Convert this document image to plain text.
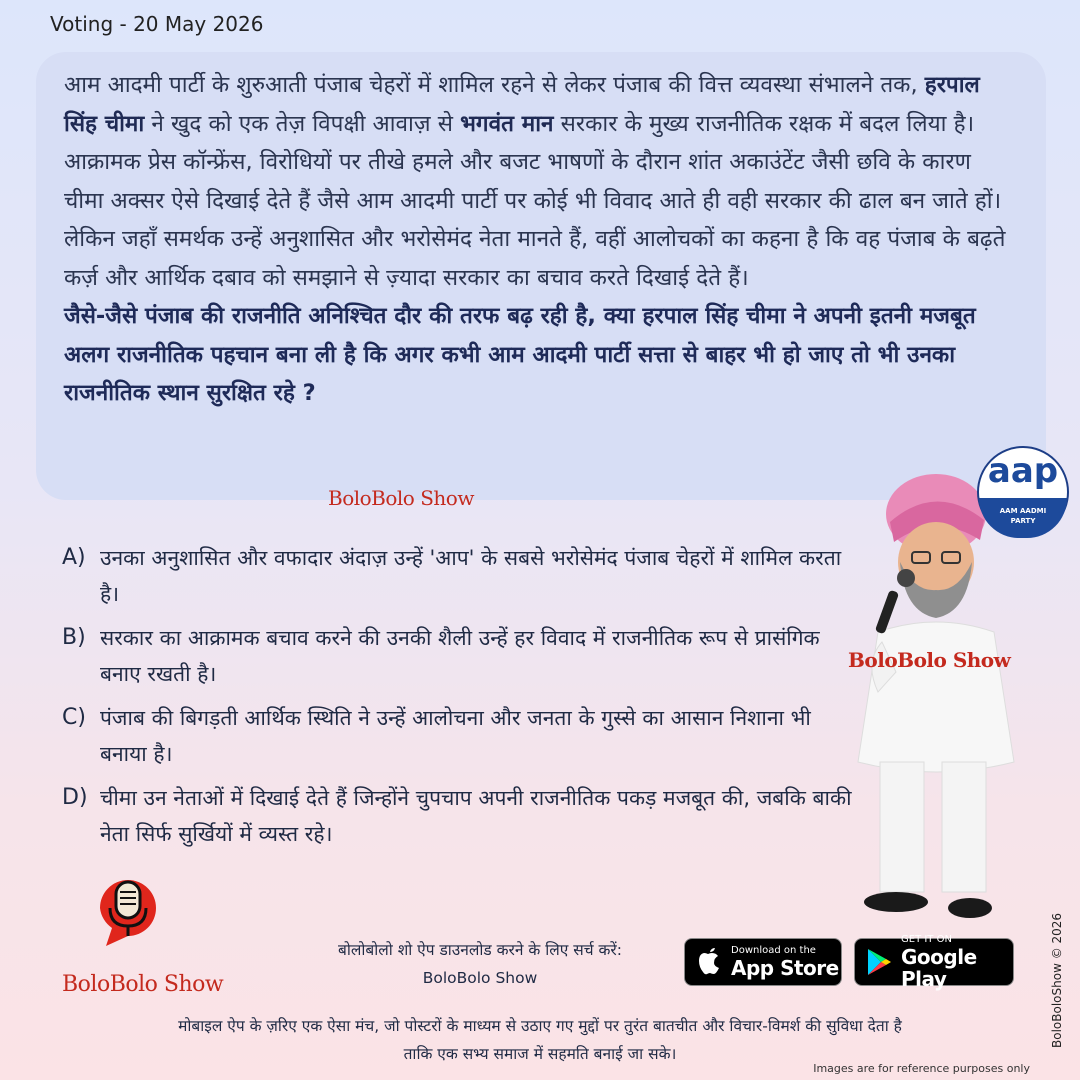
Voting - 20 May 2026

आम आदमी पार्टी के शुरुआती पंजाब चेहरों में शामिल रहने से लेकर पंजाब की वित्त व्यवस्था संभालने तक, हरपाल सिंह चीमा ने खुद को एक तेज़ विपक्षी आवाज़ से भगवंत मान सरकार के मुख्य राजनीतिक रक्षक में बदल लिया है। आक्रामक प्रेस कॉन्फ्रेंस, विरोधियों पर तीखे हमले और बजट भाषणों के दौरान शांत अकाउंटेंट जैसी छवि के कारण चीमा अक्सर ऐसे दिखाई देते हैं जैसे आम आदमी पार्टी पर कोई भी विवाद आते ही वही सरकार की ढाल बन जाते हों। लेकिन जहाँ समर्थक उन्हें अनुशासित और भरोसेमंद नेता मानते हैं, वहीं आलोचकों का कहना है कि वह पंजाब के बढ़ते कर्ज़ और आर्थिक दबाव को समझाने से ज़्यादा सरकार का बचाव करते दिखाई देते हैं।
जैसे-जैसे पंजाब की राजनीति अनिश्चित दौर की तरफ बढ़ रही है, क्या हरपाल सिंह चीमा ने अपनी इतनी मजबूत अलग राजनीतिक पहचान बना ली है कि अगर कभी आम आदमी पार्टी सत्ता से बाहर भी हो जाए तो भी उनका राजनीतिक स्थान सुरक्षित रहे ?

BoloBolo Show
A) उनका अनुशासित और वफादार अंदाज़ उन्हें 'आप' के सबसे भरोसेमंद पंजाब चेहरों में शामिल करता है।
B) सरकार का आक्रामक बचाव करने की उनकी शैली उन्हें हर विवाद में राजनीतिक रूप से प्रासंगिक बनाए रखती है।
C) पंजाब की बिगड़ती आर्थिक स्थिति ने उन्हें आलोचना और जनता के गुस्से का आसान निशाना भी बनाया है।
D) चीमा उन नेताओं में दिखाई देते हैं जिन्होंने चुपचाप अपनी राजनीतिक पकड़ मजबूत की, जबकि बाकी नेता सिर्फ सुर्खियों में व्यस्त रहे।
BoloBolo Show
aap
AAM AADMI
PARTY
BoloBolo Show
बोलोबोलो शो ऐप डाउनलोड करने के लिए सर्च करें:
BoloBolo Show
Download on the
App Store
GET IT ON
Google Play
मोबाइल ऐप के ज़रिए एक ऐसा मंच, जो पोस्टरों के माध्यम से उठाए गए मुद्दों पर तुरंत बातचीत और विचार-विमर्श की सुविधा देता है
ताकि एक सभ्य समाज में सहमति बनाई जा सके।
Images are for reference purposes only
BoloBoloShow © 2026
